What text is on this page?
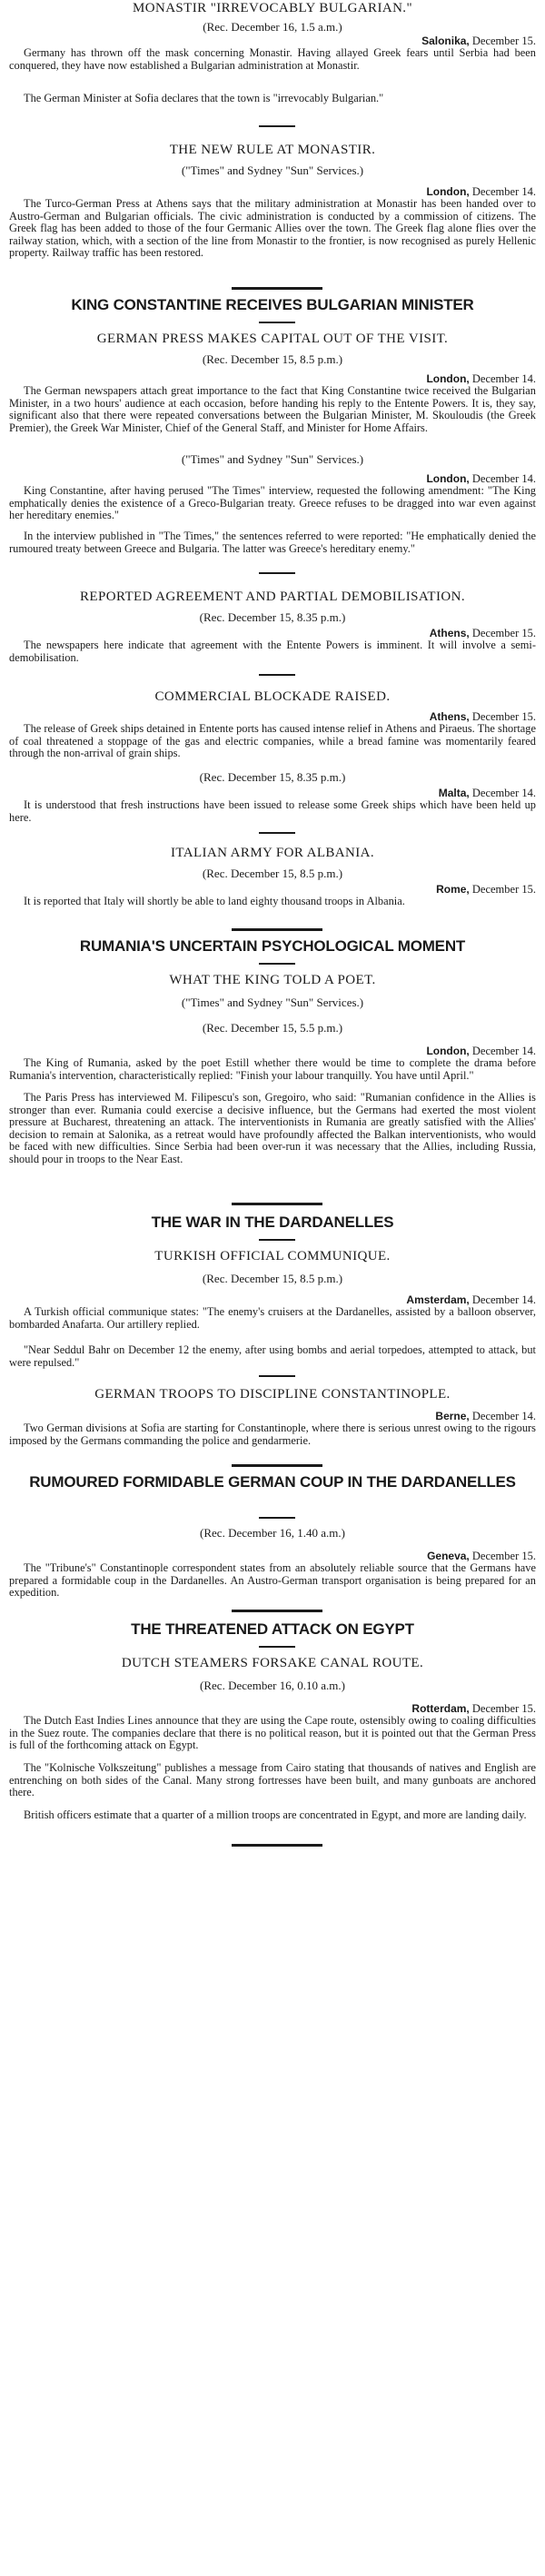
MONASTIR "IRREVOCABLY BULGARIAN."
(Rec. December 16, 1.5 a.m.)
Salonika, December 15.
Germany has thrown off the mask concerning Monastir. Having allayed Greek fears until Serbia had been conquered, they have now established a Bulgarian administration at Monastir.
The German Minister at Sofia declares that the town is "irrevocably Bulgarian."
THE NEW RULE AT MONASTIR.
("Times" and Sydney "Sun" Services.)
London, December 14.
The Turco-German Press at Athens says that the military administration at Monastir has been handed over to Austro-German and Bulgarian officials. The civic administration is conducted by a commission of citizens. The Greek flag has been added to those of the four Germanic Allies over the town. The Greek flag alone flies over the railway station, which, with a section of the line from Monastir to the frontier, is now recognised as purely Hellenic property. Railway traffic has been restored.
KING CONSTANTINE RECEIVES BULGARIAN MINISTER
GERMAN PRESS MAKES CAPITAL OUT OF THE VISIT.
(Rec. December 15, 8.5 p.m.)
London, December 14.
The German newspapers attach great importance to the fact that King Constantine twice received the Bulgarian Minister, in a two hours' audience at each occasion, before handing his reply to the Entente Powers. It is, they say, significant also that there were repeated conversations between the Bulgarian Minister, M. Skouloudis (the Greek Premier), the Greek War Minister, Chief of the General Staff, and Minister for Home Affairs.
("Times" and Sydney "Sun" Services.)
London, December 14.
King Constantine, after having perused "The Times" interview, requested the following amendment: "The King emphatically denies the existence of a Greco-Bulgarian treaty. Greece refuses to be dragged into war even against her hereditary enemies."
In the interview published in "The Times," the sentences referred to were reported: "He emphatically denied the rumoured treaty between Greece and Bulgaria. The latter was Greece's hereditary enemy."
REPORTED AGREEMENT AND PARTIAL DEMOBILISATION.
(Rec. December 15, 8.35 p.m.)
Athens, December 15.
The newspapers here indicate that agreement with the Entente Powers is imminent. It will involve a semi-demobilisation.
COMMERCIAL BLOCKADE RAISED.
Athens, December 15.
The release of Greek ships detained in Entente ports has caused intense relief in Athens and Piraeus. The shortage of coal threatened a stoppage of the gas and electric companies, while a bread famine was momentarily feared through the non-arrival of grain ships.
(Rec. December 15, 8.35 p.m.)
Malta, December 14.
It is understood that fresh instructions have been issued to release some Greek ships which have been held up here.
ITALIAN ARMY FOR ALBANIA.
(Rec. December 15, 8.5 p.m.)
Rome, December 15.
It is reported that Italy will shortly be able to land eighty thousand troops in Albania.
RUMANIA'S UNCERTAIN PSYCHOLOGICAL MOMENT
WHAT THE KING TOLD A POET.
("Times" and Sydney "Sun" Services.)
(Rec. December 15, 5.5 p.m.)
London, December 14.
The King of Rumania, asked by the poet Estill whether there would be time to complete the drama before Rumania's intervention, characteristically replied: "Finish your labour tranquilly. You have until April."
The Paris Press has interviewed M. Filipescu's son, Gregoiro, who said: "Rumanian confidence in the Allies is stronger than ever. Rumania could exercise a decisive influence, but the Germans had exerted the most violent pressure at Bucharest, threatening an attack. The interventionists in Rumania are greatly satisfied with the Allies' decision to remain at Salonika, as a retreat would have profoundly affected the Balkan interventionists, who would be faced with new difficulties. Since Serbia had been over-run it was necessary that the Allies, including Russia, should pour in troops to the Near East.
THE WAR IN THE DARDANELLES
TURKISH OFFICIAL COMMUNIQUE.
(Rec. December 15, 8.5 p.m.)
Amsterdam, December 14.
A Turkish official communique states: "The enemy's cruisers at the Dardanelles, assisted by a balloon observer, bombarded Anafarta. Our artillery replied.
"Near Seddul Bahr on December 12 the enemy, after using bombs and aerial torpedoes, attempted to attack, but were repulsed."
GERMAN TROOPS TO DISCIPLINE CONSTANTINOPLE.
Berne, December 14.
Two German divisions at Sofia are starting for Constantinople, where there is serious unrest owing to the rigours imposed by the Germans commanding the police and gendarmerie.
RUMOURED FORMIDABLE GERMAN COUP IN THE DARDANELLES
(Rec. December 16, 1.40 a.m.)
Geneva, December 15.
The "Tribune's" Constantinople correspondent states from an absolutely reliable source that the Germans have prepared a formidable coup in the Dardanelles. An Austro-German transport organisation is being prepared for an expedition.
THE THREATENED ATTACK ON EGYPT
DUTCH STEAMERS FORSAKE CANAL ROUTE.
(Rec. December 16, 0.10 a.m.)
Rotterdam, December 15.
The Dutch East Indies Lines announce that they are using the Cape route, ostensibly owing to coaling difficulties in the Suez route. The companies declare that there is no political reason, but it is pointed out that the German Press is full of the forthcoming attack on Egypt.
The "Kolnische Volkszeitung" publishes a message from Cairo stating that thousands of natives and English are entrenching on both sides of the Canal. Many strong fortresses have been built, and many gunboats are anchored there.
British officers estimate that a quarter of a million troops are concentrated in Egypt, and more are landing daily.
